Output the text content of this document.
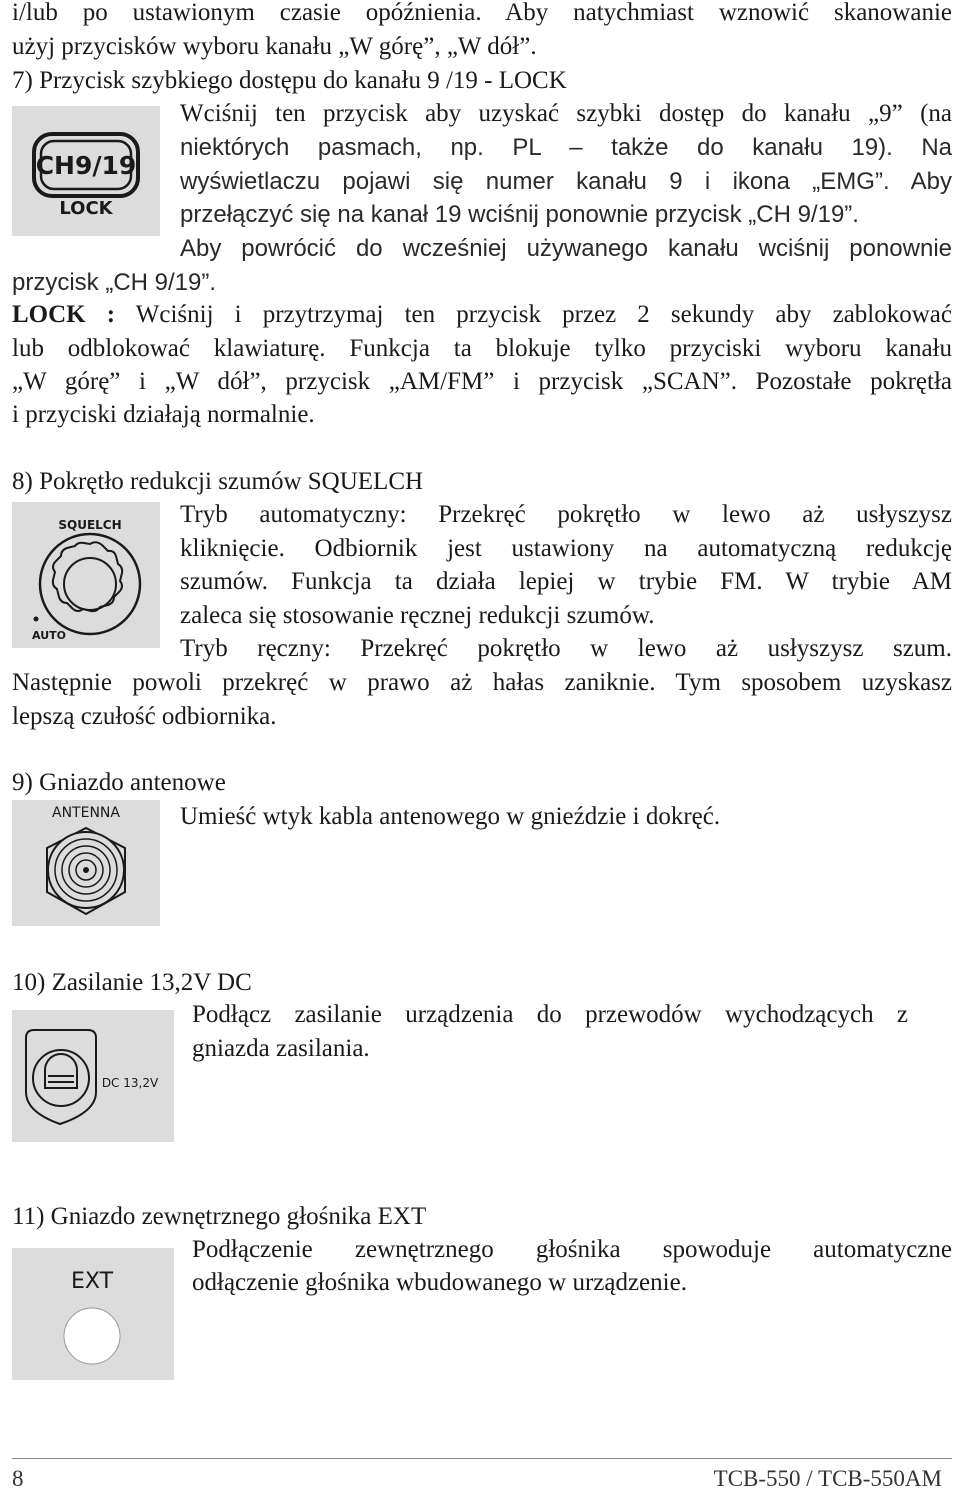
i/lub po ustawionym czasie opóźnienia. Aby natychmiast wznowić skanowanie
użyj przycisków wyboru kanału „W górę”, „W dół”.
7) Przycisk szybkiego dostępu do kanału 9 /19 - LOCK
CH9/19
LOCK
Wciśnij ten przycisk aby uzyskać szybki dostęp do kanału „9” (na
niektórych pasmach, np. PL – także do kanału 19). Na
wyświetlaczu pojawi się numer kanału 9 i ikona „EMG”. Aby
przełączyć się na kanał 19 wciśnij ponownie przycisk „CH 9/19”.
Aby powrócić do wcześniej używanego kanału wciśnij ponownie
przycisk „CH 9/19”.
LOCK : Wciśnij i przytrzymaj ten przycisk przez 2 sekundy aby zablokować
lub odblokować klawiaturę. Funkcja ta blokuje tylko przyciski wyboru kanału
„W górę” i „W dół”, przycisk „AM/FM” i przycisk „SCAN”. Pozostałe pokrętła
i przyciski działają normalnie.
8) Pokrętło redukcji szumów SQUELCH
SQUELCH
AUTO
Tryb automatyczny: Przekręć pokrętło w lewo aż usłyszysz
kliknięcie. Odbiornik jest ustawiony na automatyczną redukcję
szumów. Funkcja ta działa lepiej w trybie FM. W trybie AM
zaleca się stosowanie ręcznej redukcji szumów.
Tryb ręczny: Przekręć pokrętło w lewo aż usłyszysz szum.
Następnie powoli przekręć w prawo aż hałas zaniknie. Tym sposobem uzyskasz
lepszą czułość odbiornika.
9) Gniazdo antenowe
ANTENNA Umieść wtyk kabla antenowego w gnieździe i dokręć.
10) Zasilanie 13,2V DC
DC 13,2V
Podłącz zasilanie urządzenia do przewodów wychodzących z
gniazda zasilania.
11) Gniazdo zewnętrznego głośnika EXT
EXT
Podłączenie zewnętrznego głośnika spowoduje automatyczne
odłączenie głośnika wbudowanego w urządzenie.
8	TCB-550 / TCB-550AM
